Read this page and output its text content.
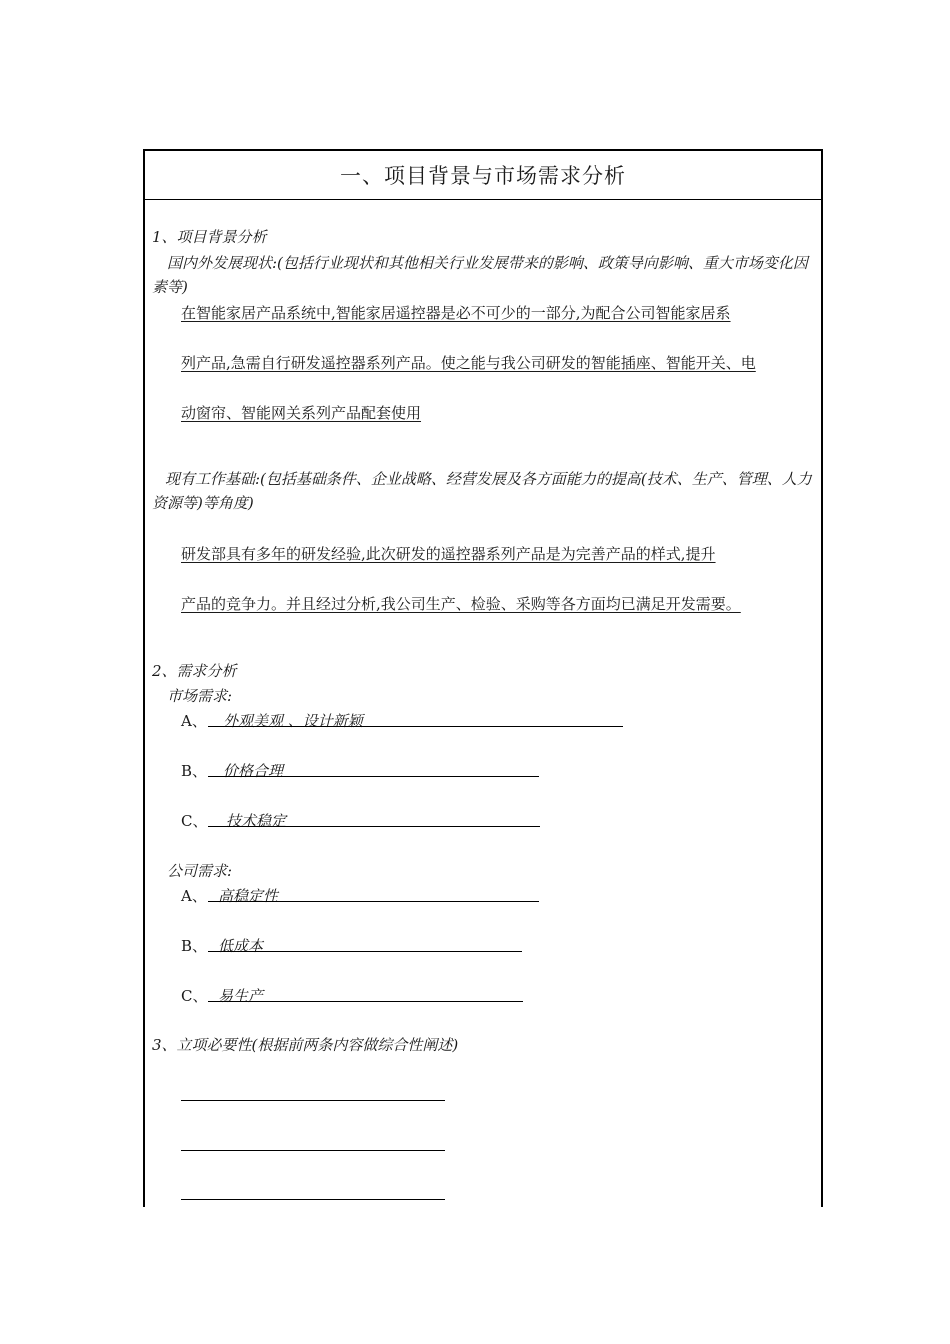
一、项目背景与市场需求分析
1、项目背景分析
国内外发展现状:(包括行业现状和其他相关行业发展带来的影响、政策导向影响、重大市场变化因素等)
在智能家居产品系统中,智能家居遥控器是必不可少的一部分,为配合公司智能家居系
列产品,急需自行研发遥控器系列产品。使之能与我公司研发的智能插座、智能开关、电
动窗帘、智能网关系列产品配套使用
现有工作基础:(包括基础条件、企业战略、经营发展及各方面能力的提高(技术、生产、管理、人力资源等)等角度)
研发部具有多年的研发经验,此次研发的遥控器系列产品是为完善产品的样式,提升
产品的竞争力。并且经过分析,我公司生产、检验、采购等各方面均已满足开发需要。
2、需求分析
市场需求:
A、 外观美观 、设计新颖
B、 价格合理
C、 技术稳定
公司需求:
A、 高稳定性
B、 低成本
C、 易生产
3、立项必要性(根据前两条内容做综合性阐述)
